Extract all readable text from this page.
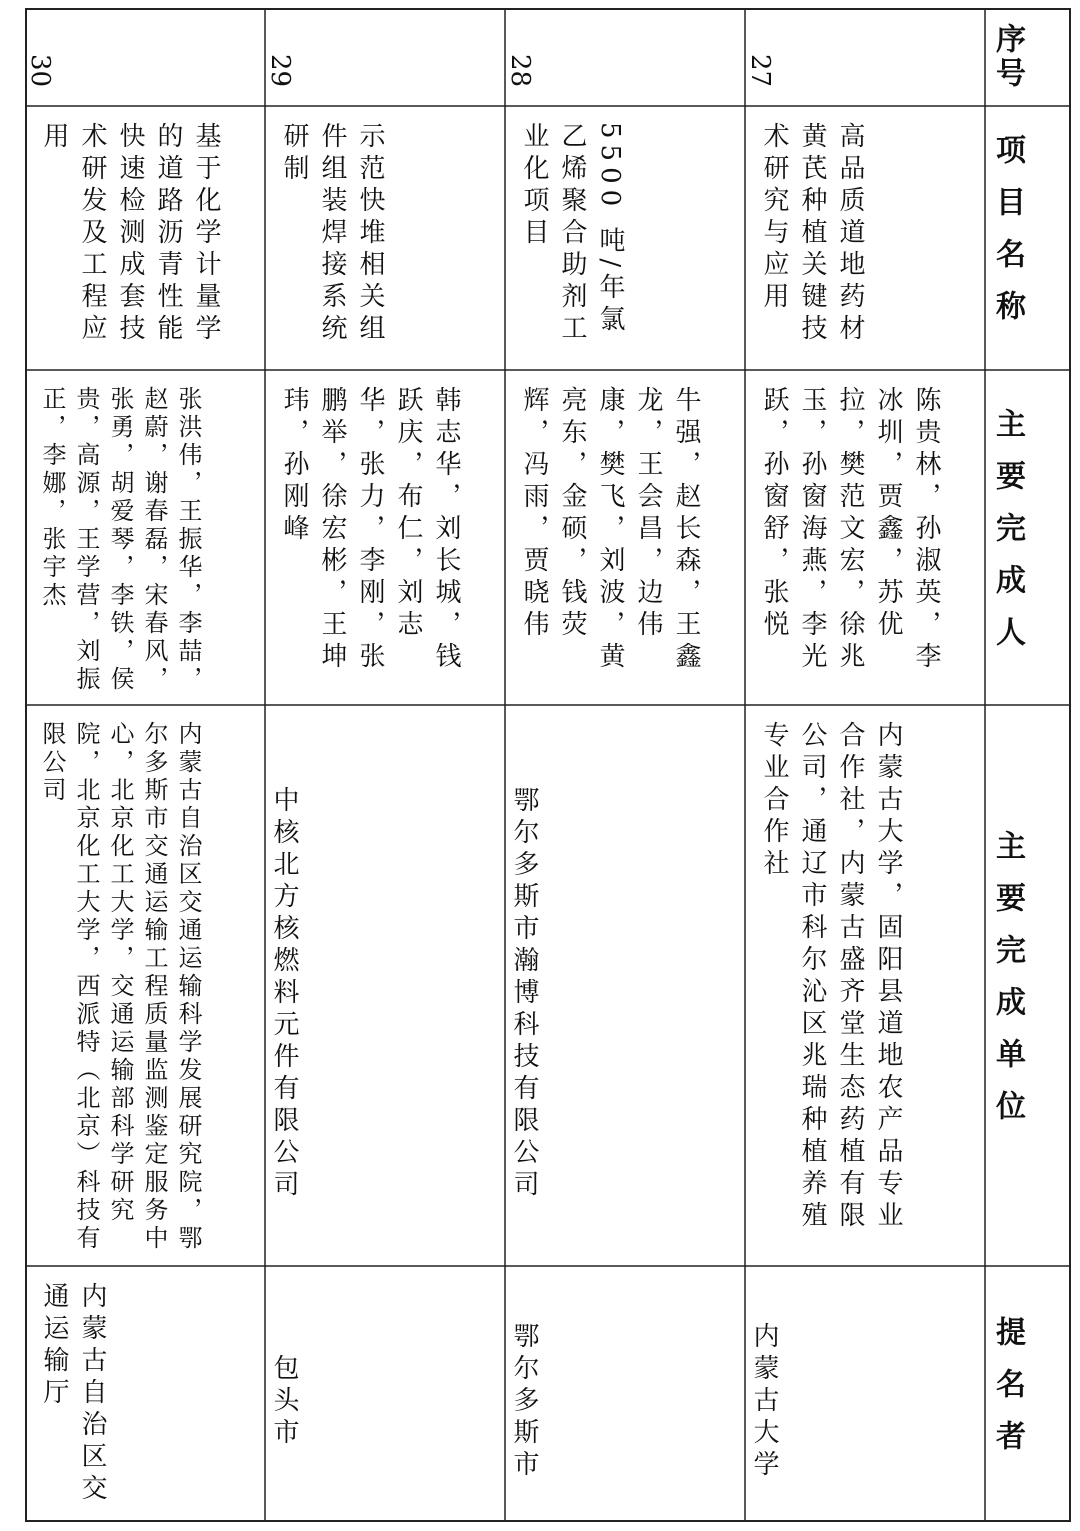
序号
项目名称
主要完成人
主要完成单位
提名者
27
高品质道地药材黄芪种植关键技术研究与应用
陈贵林，孙淑英，李冰圳，贾鑫，苏优拉，樊范文宏，徐兆玉，孙窗海燕，李光跃，孙窗舒，张悦
内蒙古大学，固阳县道地农产品专业合作社，内蒙古盛齐堂生态药植有限公司，通辽市科尔沁区兆瑞种植养殖专业合作社
内蒙古大学
28
5500 吨/年氯乙烯聚合助剂工业化项目
牛强，赵长森，王鑫龙，王会昌，边伟康，樊飞，刘波，黄亮东，金硕，钱荧辉，冯雨，贾晓伟
鄂尔多斯市瀚博科技有限公司
鄂尔多斯市
29
示范快堆相关组件组装焊接系统研制
韩志华，刘长城，钱跃庆，布仁，刘志华，张力，李刚，张鹏举，徐宏彬，王坤玮，孙刚峰
中核北方核燃料元件有限公司
包头市
30
基于化学计量学的道路沥青性能快速检测成套技术研发及工程应用
张洪伟，王振华，李喆，赵蔚，谢春磊，宋春风，张勇，胡爱琴，李铁，侯贵，高源，王学营，刘振正，李娜，张宇杰
内蒙古自治区交通运输科学发展研究院，鄂尔多斯市交通运输工程质量监测鉴定服务中心，北京化工大学，交通运输部科学研究院，北京化工大学，西派特（北京）科技有限公司
内蒙古自治区交通运输厅
